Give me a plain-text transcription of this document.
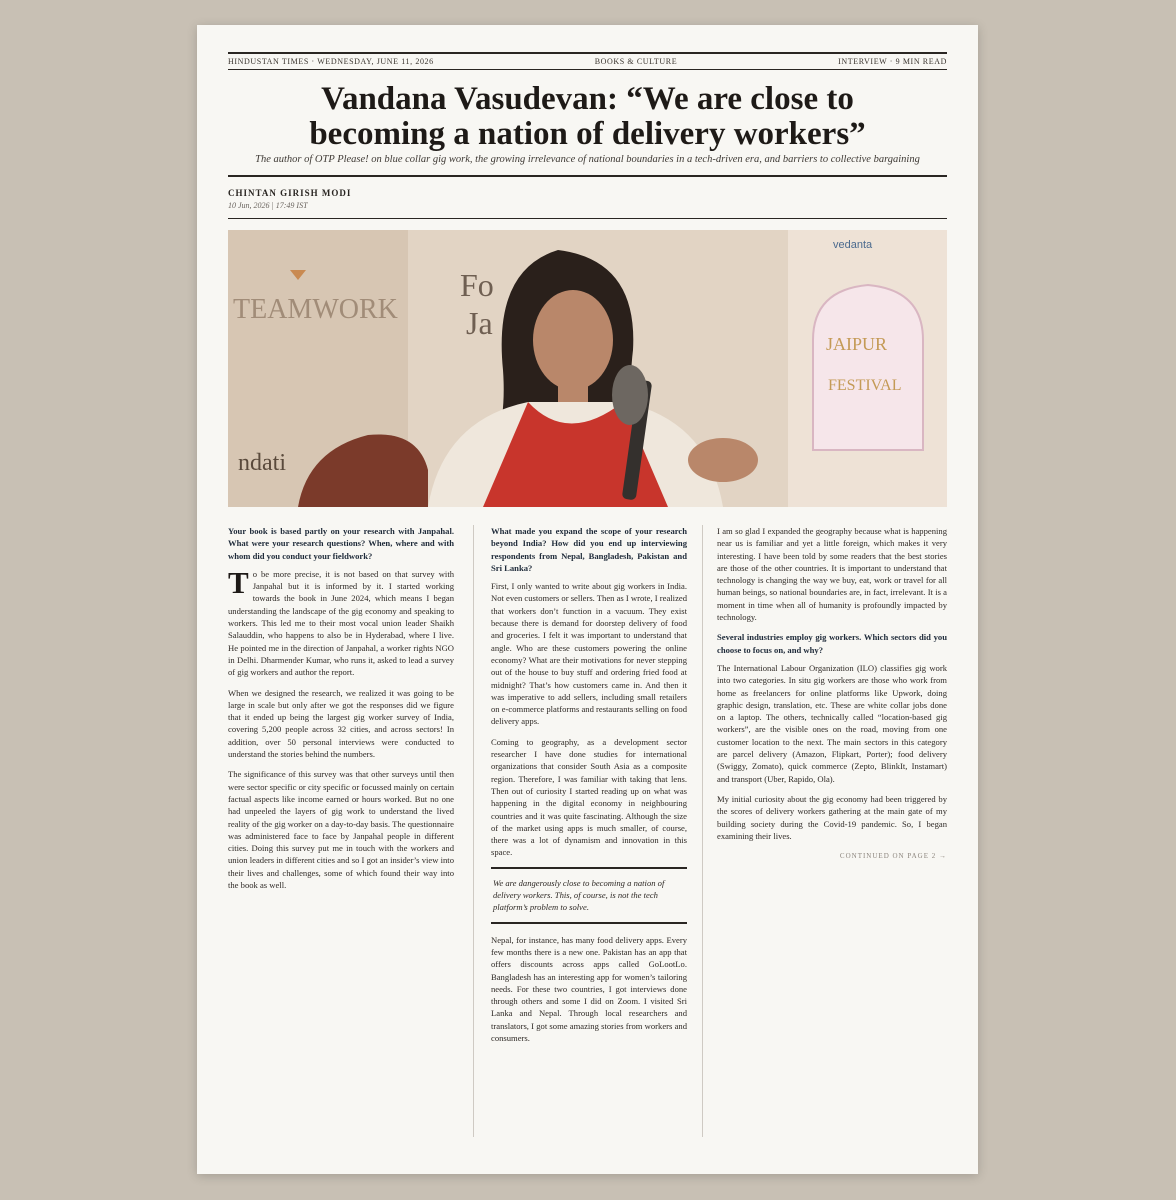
HINDUSTAN TIMES · WEDNESDAY, JUNE 11, 2026	BOOKS & CULTURE	INTERVIEW · 9 MIN READ
Vandana Vasudevan: “We are close to
becoming a nation of delivery workers”
The author of OTP Please! on blue collar gig work, the growing irrelevance of national boundaries in a tech-driven era, and barriers to collective bargaining
CHINTAN GIRISH MODI
10 Jun, 2026 | 17:49 IST
TEAMWORK
Fo
Ja
ndati
vedanta
JAIPUR
FESTIVAL

Your book is based partly on your research with Janpahal. What were your research questions? When, where and with whom did you conduct your fieldwork?

To be more precise, it is not based on that survey with Janpahal but it is informed by it. I started working towards the book in June 2024, which means I began understanding the landscape of the gig economy and speaking to workers. This led me to their most vocal union leader Shaikh Salauddin, who happens to also be in Hyderabad, where I live. He pointed me in the direction of Janpahal, a worker rights NGO in Delhi. Dharmender Kumar, who runs it, asked to lead a survey of gig workers and author the report.

When we designed the research, we realized it was going to be large in scale but only after we got the responses did we figure that it ended up being the largest gig worker survey of India, covering 5,200 people across 32 cities, and across sectors! In addition, over 50 personal interviews were conducted to understand the stories behind the numbers.

The significance of this survey was that other surveys until then were sector specific or city specific or focussed mainly on certain factual aspects like income earned or hours worked. But no one had unpeeled the layers of gig work to understand the lived reality of the gig worker on a day-to-day basis. The questionnaire was administered face to face by Janpahal people in different cities. Doing this survey put me in touch with the workers and union leaders in different cities and so I got an insider’s view into their lives and challenges, some of which found their way into the book as well.

What made you expand the scope of your research beyond India? How did you end up interviewing respondents from Nepal, Bangladesh, Pakistan and Sri Lanka?

First, I only wanted to write about gig workers in India. Not even customers or sellers. Then as I wrote, I realized that workers don’t function in a vacuum. They exist because there is demand for doorstep delivery of food and groceries. I felt it was important to understand that angle. Who are these customers powering the online economy? What are their motivations for never stepping out of the house to buy stuff and ordering fried food at midnight? That’s how customers came in. And then it was imperative to add sellers, including small retailers on e-commerce platforms and restaurants selling on food delivery apps.

Coming to geography, as a development sector researcher I have done studies for international organizations that consider South Asia as a composite region. Therefore, I was familiar with taking that lens. Then out of curiosity I started reading up on what was happening in the digital economy in neighbouring countries and it was quite fascinating. Although the size of the market using apps is much smaller, of course, there was a lot of dynamism and innovation in this space.

We are dangerously close to becoming a nation of delivery workers. This, of course, is not the tech platform’s problem to solve.

Nepal, for instance, has many food delivery apps. Every few months there is a new one. Pakistan has an app that offers discounts across apps called GoLootLo. Bangladesh has an interesting app for women’s tailoring needs. For these two countries, I got interviews done through others and some I did on Zoom. I visited Sri Lanka and Nepal. Through local researchers and translators, I got some amazing stories from workers and consumers.

I am so glad I expanded the geography because what is happening near us is familiar and yet a little foreign, which makes it very interesting. I have been told by some readers that the best stories are those of the other countries. It is important to understand that technology is changing the way we buy, eat, work or travel for all human beings, so national boundaries are, in fact, irrelevant. It is a moment in time when all of humanity is profoundly impacted by technology.

Several industries employ gig workers. Which sectors did you choose to focus on, and why?

The International Labour Organization (ILO) classifies gig work into two categories. In situ gig workers are those who work from home as freelancers for online platforms like Upwork, doing graphic design, translation, etc. These are white collar jobs done on a laptop. The others, technically called “location-based gig workers”, are the visible ones on the road, moving from one customer location to the next. The main sectors in this category are parcel delivery (Amazon, Flipkart, Porter); food delivery (Swiggy, Zomato), quick commerce (Zepto, BlinkIt, Instamart) and transport (Uber, Rapido, Ola).

My initial curiosity about the gig economy had been triggered by the scores of delivery workers gathering at the main gate of my building society during the Covid-19 pandemic. So, I began examining their lives.

CONTINUED ON PAGE 2 →
